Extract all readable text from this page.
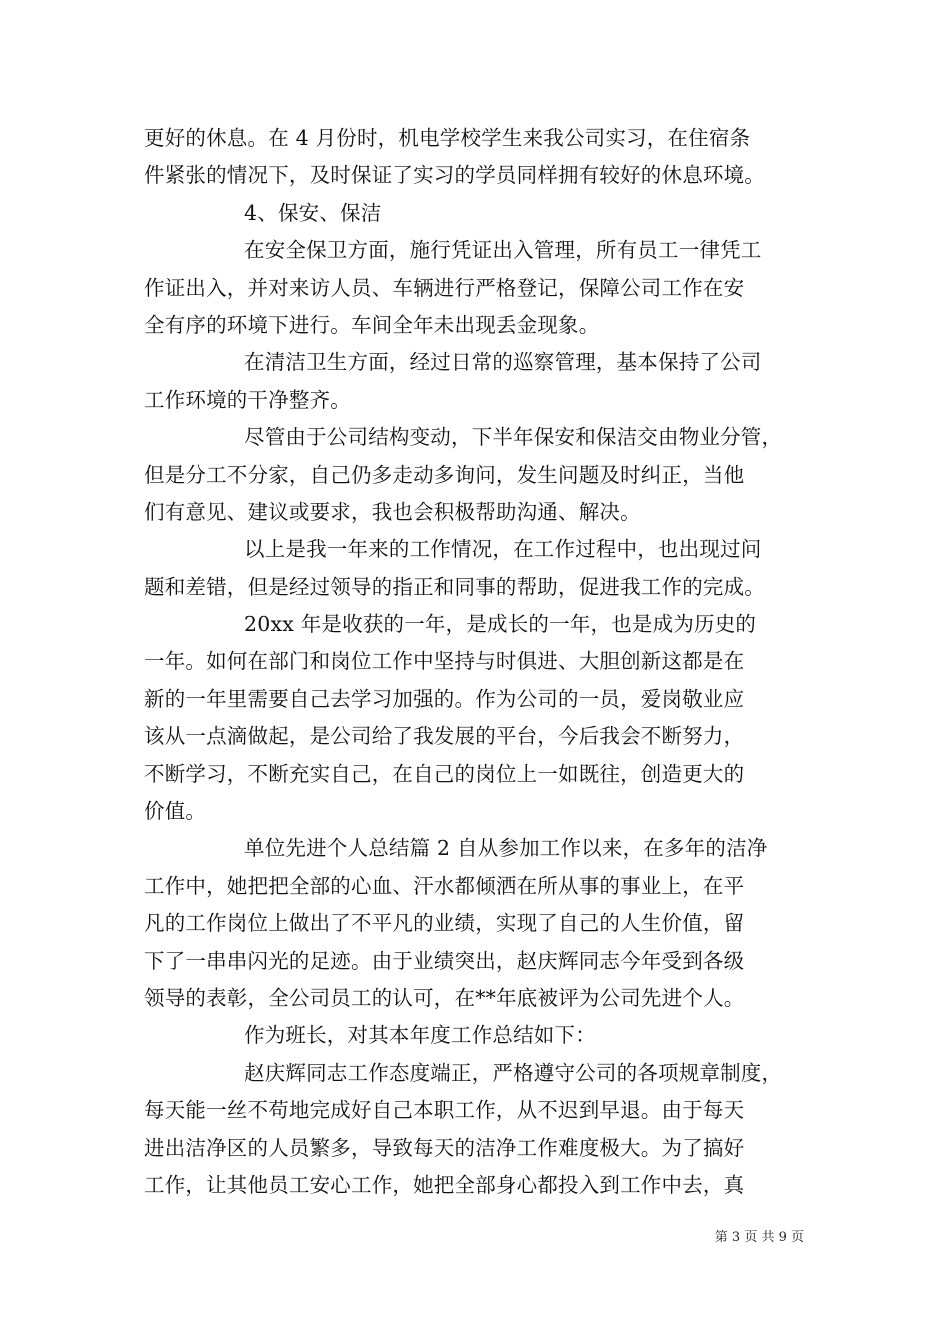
更好的休息。在 4 月份时，机电学校学生来我公司实习，在住宿条
件紧张的情况下，及时保证了实习的学员同样拥有较好的休息环境。
4、保安、保洁
在安全保卫方面，施行凭证出入管理，所有员工一律凭工
作证出入，并对来访人员、车辆进行严格登记，保障公司工作在安
全有序的环境下进行。车间全年未出现丢金现象。
在清洁卫生方面，经过日常的巡察管理，基本保持了公司
工作环境的干净整齐。
尽管由于公司结构变动，下半年保安和保洁交由物业分管，
但是分工不分家，自己仍多走动多询问，发生问题及时纠正，当他
们有意见、建议或要求，我也会积极帮助沟通、解决。
以上是我一年来的工作情况，在工作过程中，也出现过问
题和差错，但是经过领导的指正和同事的帮助，促进我工作的完成。
20xx 年是收获的一年，是成长的一年，也是成为历史的
一年。如何在部门和岗位工作中坚持与时俱进、大胆创新这都是在
新的一年里需要自己去学习加强的。作为公司的一员，爱岗敬业应
该从一点滴做起，是公司给了我发展的平台，今后我会不断努力，
不断学习，不断充实自己，在自己的岗位上一如既往，创造更大的
价值。
单位先进个人总结篇 2 自从参加工作以来，在多年的洁净
工作中，她把把全部的心血、汗水都倾洒在所从事的事业上，在平
凡的工作岗位上做出了不平凡的业绩，实现了自己的人生价值，留
下了一串串闪光的足迹。由于业绩突出，赵庆辉同志今年受到各级
领导的表彰，全公司员工的认可，在**年底被评为公司先进个人。
作为班长，对其本年度工作总结如下：
赵庆辉同志工作态度端正，严格遵守公司的各项规章制度，
每天能一丝不苟地完成好自己本职工作，从不迟到早退。由于每天
进出洁净区的人员繁多，导致每天的洁净工作难度极大。为了搞好
工作，让其他员工安心工作，她把全部身心都投入到工作中去，真
第 3 页 共 9 页
